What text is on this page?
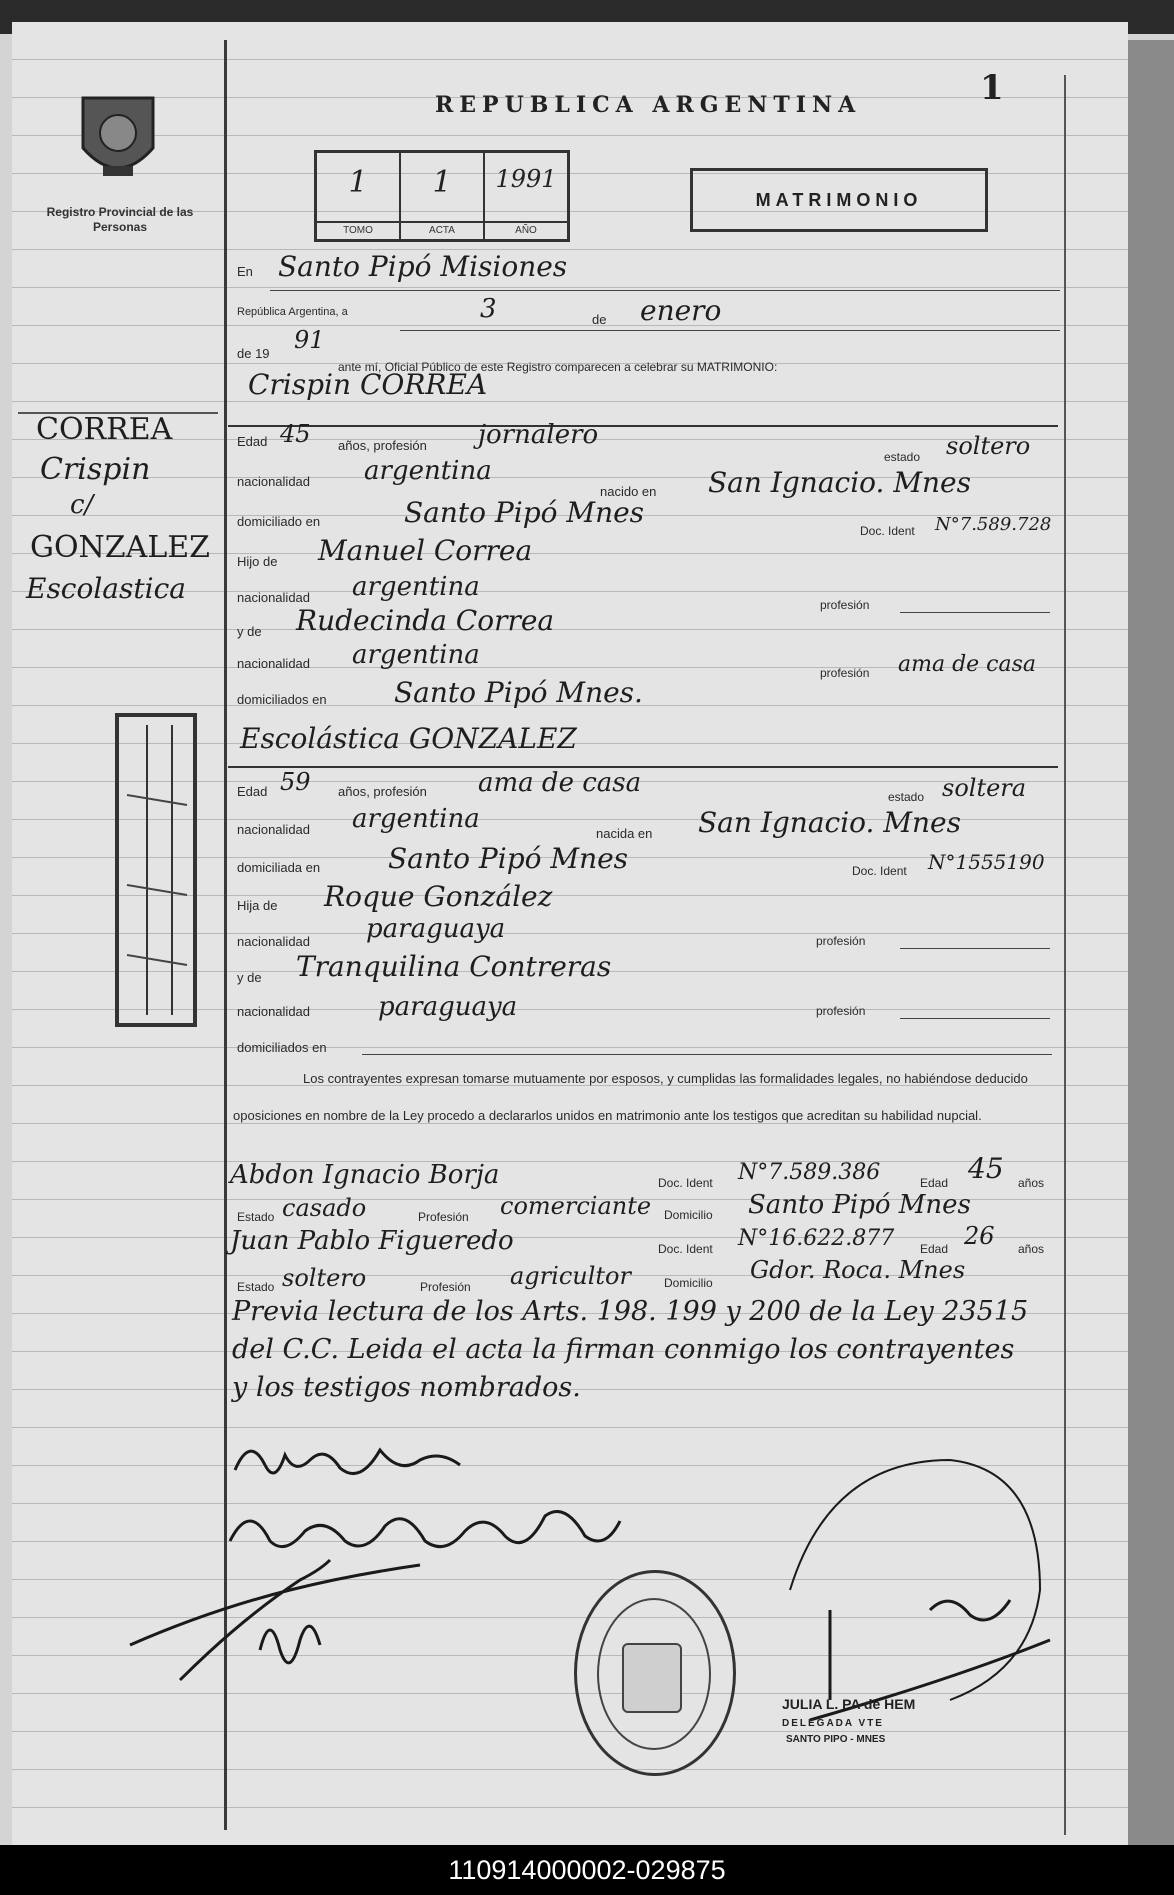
REPUBLICA ARGENTINA	1
Registro Provincial de las Personas
1
TOMO
1
ACTA
1991
AÑO
MATRIMONIO
En Santo Pipó Misiones
República Argentina, a	3	de enero
de 19 91
ante mí, Oficial Público de este Registro comparecen a celebrar su MATRIMONIO:
Crispin CORREA
Edad 45 años, profesión jornalero
estado soltero
nacionalidad argentina
nacido en San Ignacio. Mnes
domiciliado en	Santo Pipó Mnes
Doc. Ident N°7.589.728
Hijo de Manuel Correa
nacionalidad argentina
profesión
y de Rudecinda Correa
nacionalidad argentina
profesión ama de casa
domiciliados en Santo Pipó Mnes.
Escolástica GONZALEZ
Edad 59 años, profesión ama de casa	estado soltera
nacionalidad argentina	nacida en San Ignacio. Mnes
domiciliada en Santo Pipó Mnes	Doc. Ident N°1555190
Hija de Roque González
nacionalidad paraguaya	profesión
y de Tranquilina Contreras
nacionalidad	paraguaya	profesión
domiciliados en
Los contrayentes expresan tomarse mutuamente por esposos, y cumplidas las formalidades legales, no habiéndose deducido oposiciones en nombre de la Ley procedo a declararlos unidos en matrimonio ante los testigos que acreditan su habilidad nupcial.
Abdon Ignacio Borja	Doc. Ident N°7.589.386	Edad 45 años
Estado casado	Profesión comerciante Domicilio Santo Pipó Mnes
Juan Pablo Figueredo	Doc. Ident N°16.622.877 Edad 26 años
Estado soltero	Profesión agricultor	Domicilio Gdor. Roca. Mnes
Previa lectura de los Arts. 198. 199 y 200 de la Ley 23515
del C.C. Leida el acta la firman conmigo los contrayentes
y los testigos nombrados.
CORREA
Crispin
c/
GONZALEZ
Escolastica
JULIA L. PA de HEM
DELEGADA VTE
SANTO PIPO - MNES
110914000002-029875
